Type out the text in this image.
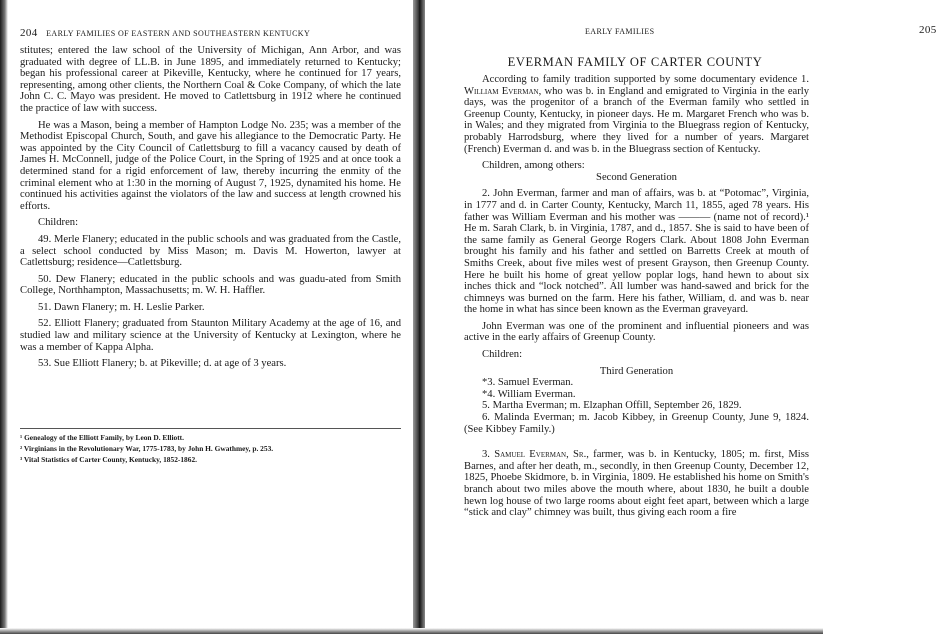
204 EARLY FAMILIES OF EASTERN AND SOUTHEASTERN KENTUCKY

stitutes; entered the law school of the University of Michigan, Ann Arbor, and was graduated with degree of LL.B. in June 1895, and immediately returned to Kentucky; began his professional career at Pikeville, Kentucky, where he continued for 17 years, representing, among other clients, the Northern Coal & Coke Company, of which the late John C. C. Mayo was president. He moved to Catlettsburg in 1912 where he continued the practice of law with success.

He was a Mason, being a member of Hampton Lodge No. 235; was a member of the Methodist Episcopal Church, South, and gave his allegiance to the Democratic Party. He was appointed by the City Council of Catlettsburg to fill a vacancy caused by death of James H. McConnell, judge of the Police Court, in the Spring of 1925 and at once took a determined stand for a rigid enforcement of law, thereby incurring the enmity of the criminal element who at 1:30 in the morning of August 7, 1925, dynamited his home. He continued his activities against the violators of the law and success at length crowned his efforts.

Children:

49. Merle Flanery; educated in the public schools and was graduated from the Castle, a select school conducted by Miss Mason; m. Davis M. Howerton, lawyer at Catlettsburg; residence—Catlettsburg.

50. Dew Flanery; educated in the public schools and was guadu-ated from Smith College, Northhampton, Massachusetts; m. W. H. Haffler.

51. Dawn Flanery; m. H. Leslie Parker.

52. Elliott Flanery; graduated from Staunton Military Academy at the age of 16, and studied law and military science at the University of Kentucky at Lexington, where he was a member of Kappa Alpha.

53. Sue Elliott Flanery; b. at Pikeville; d. at age of 3 years.

¹ Genealogy of the Elliott Family, by Leon D. Elliott.
² Virginians in the Revolutionary War, 1775-1783, by John H. Gwathmey, p. 253.
³ Vital Statistics of Carter County, Kentucky, 1852-1862.
EARLY FAMILIES	205
EVERMAN FAMILY OF CARTER COUNTY

According to family tradition supported by some documentary evidence 1. William Everman, who was b. in England and emigrated to Virginia in the early days, was the progenitor of a branch of the Everman family who settled in Greenup County, Kentucky, in pioneer days. He m. Margaret French who was b. in Wales; and they migrated from Virginia to the Bluegrass region of Kentucky, probably Harrodsburg, where they lived for a number of years. Margaret (French) Everman d. and was b. in the Bluegrass section of Kentucky.

Children, among others:

Second Generation

2. John Everman, farmer and man of affairs, was b. at “Potomac”, Virginia, in 1777 and d. in Carter County, Kentucky, March 11, 1855, aged 78 years. His father was William Everman and his mother was ——— (name not of record).¹ He m. Sarah Clark, b. in Virginia, 1787, and d., 1857. She is said to have been of the same family as General George Rogers Clark. About 1808 John Everman brought his family and his father and settled on Barretts Creek at mouth of Smiths Creek, about five miles west of present Grayson, then Greenup County. Here he built his home of great yellow poplar logs, hand hewn to about six inches thick and “lock notched”. All lumber was hand-sawed and brick for the chimneys was burned on the farm. Here his father, William, d. and was b. near the home in what has since been known as the Everman graveyard.

John Everman was one of the prominent and influential pioneers and was active in the early affairs of Greenup County.

Children:

Third Generation

*3. Samuel Everman.

*4. William Everman.

5. Martha Everman; m. Elzaphan Offill, September 26, 1829.

6. Malinda Everman; m. Jacob Kibbey, in Greenup County, June 9, 1824. (See Kibbey Family.)

3. Samuel Everman, Sr., farmer, was b. in Kentucky, 1805; m. first, Miss Barnes, and after her death, m., secondly, in then Greenup County, December 12, 1825, Phoebe Skidmore, b. in Virginia, 1809. He established his home on Smith's branch about two miles above the mouth where, about 1830, he built a double hewn log house of two large rooms about eight feet apart, between which a large “stick and clay” chimney was built, thus giving each room a fire
